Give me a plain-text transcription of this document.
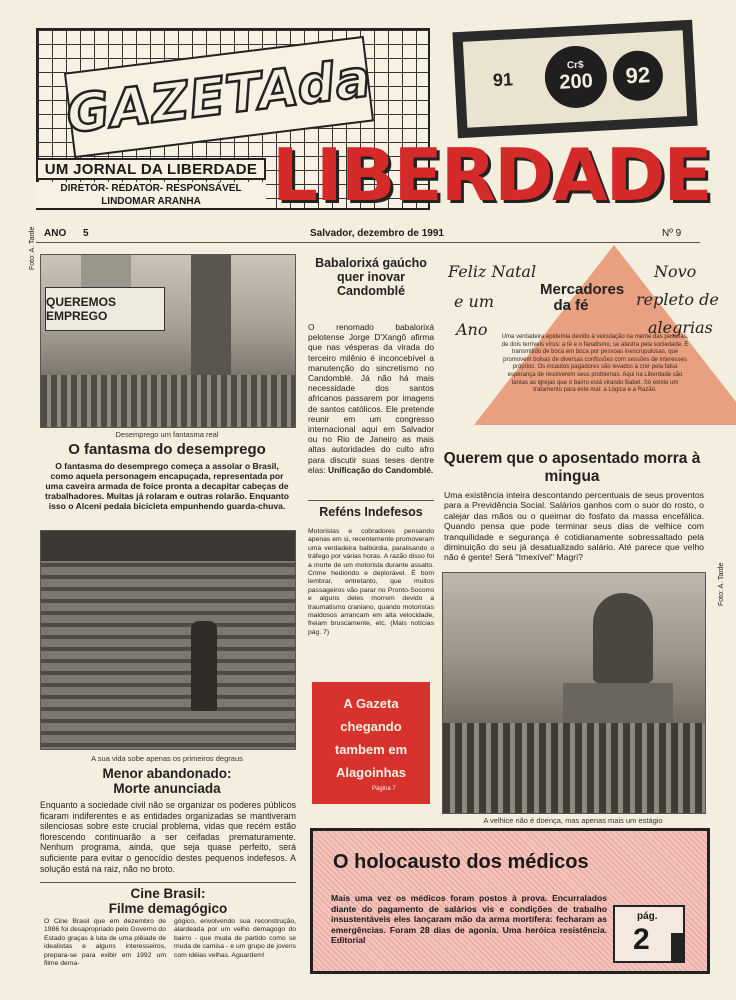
GAZETAda
UM JORNAL DA LIBERDADE
DIRETOR- REDATOR- RESPONSÁVEL
LINDOMAR ARANHA
91
Cr$
200	92
LIBERDADE
ANO 5	Salvador, dezembro de 1991	Nº 9
Foto: A. Tarde
QUEREMOS EMPREGO
Desemprego um fantasma real
O fantasma do desemprego
O fantasma do desemprego começa a assolar o Brasil, como aquela personagem encapuçada, representada por uma caveira armada de foice pronta a decapitar cabeças de trabalhadores. Muitas já rolaram e outras rolarão. Enquanto isso o Alceni pedala bicicleta empunhendo guarda-chuva.
A sua vida sobe apenas os primeiros degraus
Menor abandonado:
Morte anunciada
Enquanto a sociedade civil não se organizar os poderes públicos ficaram indiferentes e as entidades organizadas se mantiveram silenciosas sobre este crucial problema, vidas que recém estão florescendo continuarão a ser ceifadas prematuramente. Nenhum programa, ainda, que seja quase perfeito, será suficiente para evitar o genocídio destes pequenos indefesos. A solução está na raiz, não no broto.
Cine Brasil:
Filme demagógico
O Cine Brasil que em dezembro de 1986 foi desapropriado pelo Governo do Estado graças à luta de uma plêiade de idealistas e alguns interesseiros, prepara-se para exibir em 1992 um filme dema-
gógico, envolvendo sua reconstrução, alardeada por um velho demagogo do bairro - que muda de partido como se muda de camisa - e um grupo de jovens com idéias velhas. Aguardem!
Babalorixá gaúcho quer inovar Candomblé
O renomado babalorixá pelotense Jorge D'Xangô afirma que nas vésperas da virada do terceiro milênio é inconcebível a manutenção do sincretismo no Candomblé. Já não há mais necessidade dos santos africanos passarem por imagens de santos católicos. Ele pretende reunir em um congresso internacional aqui em Salvador ou no Rio de Janeiro as mais altas autoridades do culto afro para discutir suas teses dentre elas: Unificação do Candomblé.
Reféns Indefesos
Motoristas e cobradores pensando apenas em si, recentemente promoveram uma verdadeira balbúrdia, paralisando o tráfego por várias horas. A razão disso foi a morte de um motorista durante assalto. Crime hediondo e deplorável. É bom lembrar, entretanto, que muitos passageiros vão parar no Pronto-Socorro e alguns deles morrem devido a traumatismo craniano, quando motoristas maldosos arrancam em alta velocidade, freiam bruscamente, etc. (Mais notícias pág. 7)
A Gazeta chegando tambem em Alagoinhas
Página 7
Feliz Natal
e um
Ano
Novo
repleto de
alegrias
Mercadores da fé
Uma verdadeira epidemia devido à veiculação na mente das pessoas, de dois terríveis vírus: a fé e o fanatismo, se alastra pela sociedade. E transmitido de boca em boca por pessoas inescrupulosas, que promovem bolsas de diversas confissões com sessões de interesses próprios. Os incautos pagadores são levados a crer pela falsa esperança de resolverem seus problemas. Aqui na Liberdade são tantas as igrejas que o bairro está virando Babel. Só existe um tratamento para este mal: a Lógica e a Razão.
Querem que o aposentado morra à mingua
Uma existência inteira descontando percentuais de seus proventos para a Previdência Social. Salários ganhos com o suor do rosto, o calejar das mãos ou o queimar do fosfato da massa encefálica. Quando pensa que pode terminar seus dias de velhice com tranquilidade e segurança é cotidianamente sobressaltado pela diminuição do seu já desatualizado salário. Até parece que velho não é gente! Será "Imexível" Magri?
Foto: A. Tarde
A velhice não é doença, mas apenas mais um estágio
O holocausto dos médicos
Mais uma vez os médicos foram postos à prova. Encurralados diante do pagamento de salários vis e condições de trabalho insustentáveis eles lançaram mão da arma mortífera: fecharam as emergências. Foram 28 dias de agonia. Uma heróica resistência. Editorial
pág.
2
